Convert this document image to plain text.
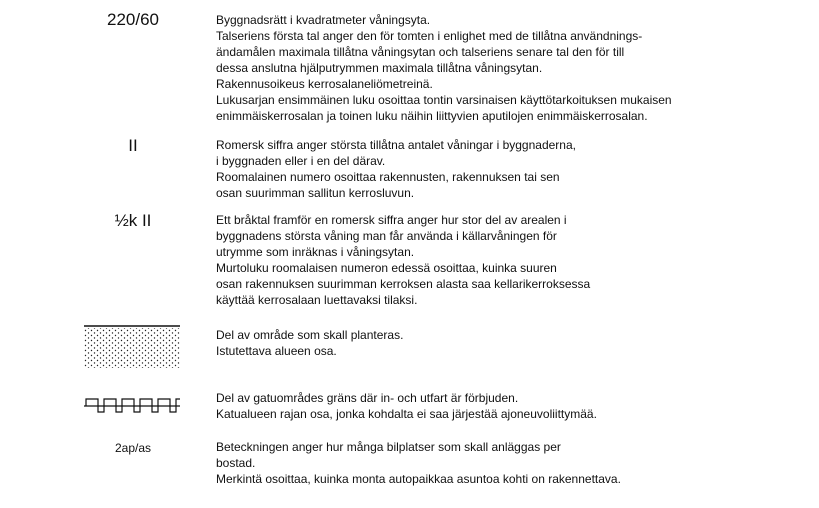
220/60	Byggnadsrätt i kvadratmeter våningsyta.
Talseriens första tal anger den för tomten i enlighet med de tillåtna användnings-
ändamålen maximala tillåtna våningsytan och talseriens senare tal den för till
dessa anslutna hjälputrymmen maximala tillåtna våningsytan.
Rakennusoikeus kerrosalaneliömetreinä.
Lukusarjan ensimmäinen luku osoittaa tontin varsinaisen käyttötarkoituksen mukaisen
enimmäiskerrosalan ja toinen luku näihin liittyvien aputilojen enimmäiskerrosalan.
II	Romersk siffra anger största tillåtna antalet våningar i byggnaderna,
i byggnaden eller i en del därav.
Roomalainen numero osoittaa rakennusten, rakennuksen tai sen
osan suurimman sallitun kerrosluvun.
½k II	Ett bråktal framför en romersk siffra anger hur stor del av arealen i
byggnadens största våning man får använda i källarvåningen för
utrymme som inräknas i våningsytan.
Murtoluku roomalaisen numeron edessä osoittaa, kuinka suuren
osan rakennuksen suurimman kerroksen alasta saa kellarikerroksessa
käyttää kerrosalaan luettavaksi tilaksi.
Del av område som skall planteras.
Istutettava alueen osa.
Del av gatuområdes gräns där in- och utfart är förbjuden.
Katualueen rajan osa, jonka kohdalta ei saa järjestää ajoneuvoliittymää.
2ap/as	Beteckningen anger hur många bilplatser som skall anläggas per
bostad.
Merkintä osoittaa, kuinka monta autopaikkaa asuntoa kohti on rakennettava.
